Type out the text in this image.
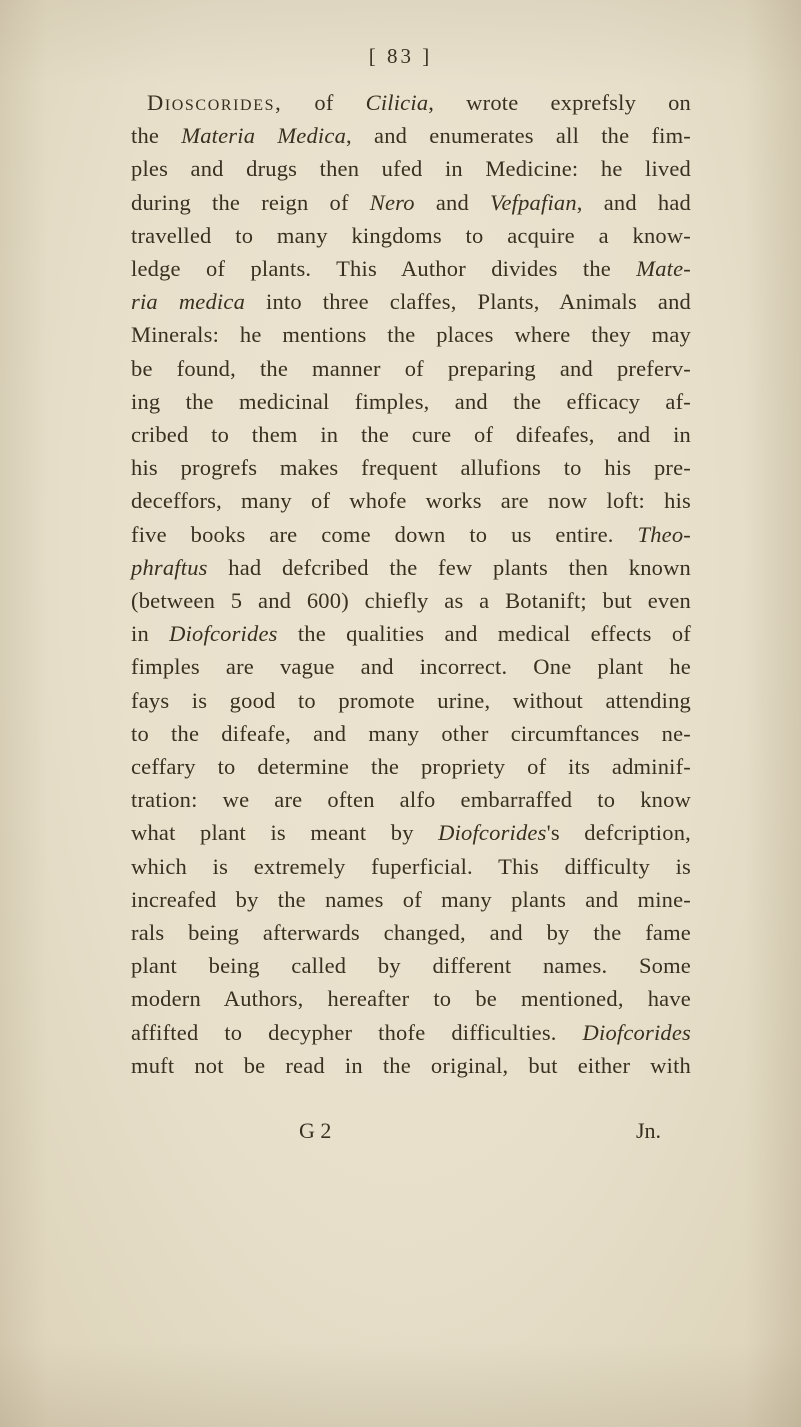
[ 83 ]
Dioscorides, of Cilicia, wrote exprefsly on
the Materia Medica, and enumerates all the fim-
ples and drugs then ufed in Medicine: he lived
during the reign of Nero and Vefpafian, and had
travelled to many kingdoms to acquire a know-
ledge of plants. This Author divides the Mate-
ria medica into three claffes, Plants, Animals and
Minerals: he mentions the places where they may
be found, the manner of preparing and preferv-
ing the medicinal fimples, and the efficacy af-
cribed to them in the cure of difeafes, and in
his progrefs makes frequent allufions to his pre-
deceffors, many of whofe works are now loft: his
five books are come down to us entire. Theo-
phraftus had defcribed the few plants then known
(between 5 and 600) chiefly as a Botanift; but even
in Diofcorides the qualities and medical effects of
fimples are vague and incorrect. One plant he
fays is good to promote urine, without attending
to the difeafe, and many other circumftances ne-
ceffary to determine the propriety of its adminif-
tration: we are often alfo embarraffed to know
what plant is meant by Diofcorides's defcription,
which is extremely fuperficial. This difficulty is
increafed by the names of many plants and mine-
rals being afterwards changed, and by the fame
plant being called by different names. Some
modern Authors, hereafter to be mentioned, have
affifted to decypher thofe difficulties. Diofcorides
muft not be read in the original, but either with
G 2	Jn.
